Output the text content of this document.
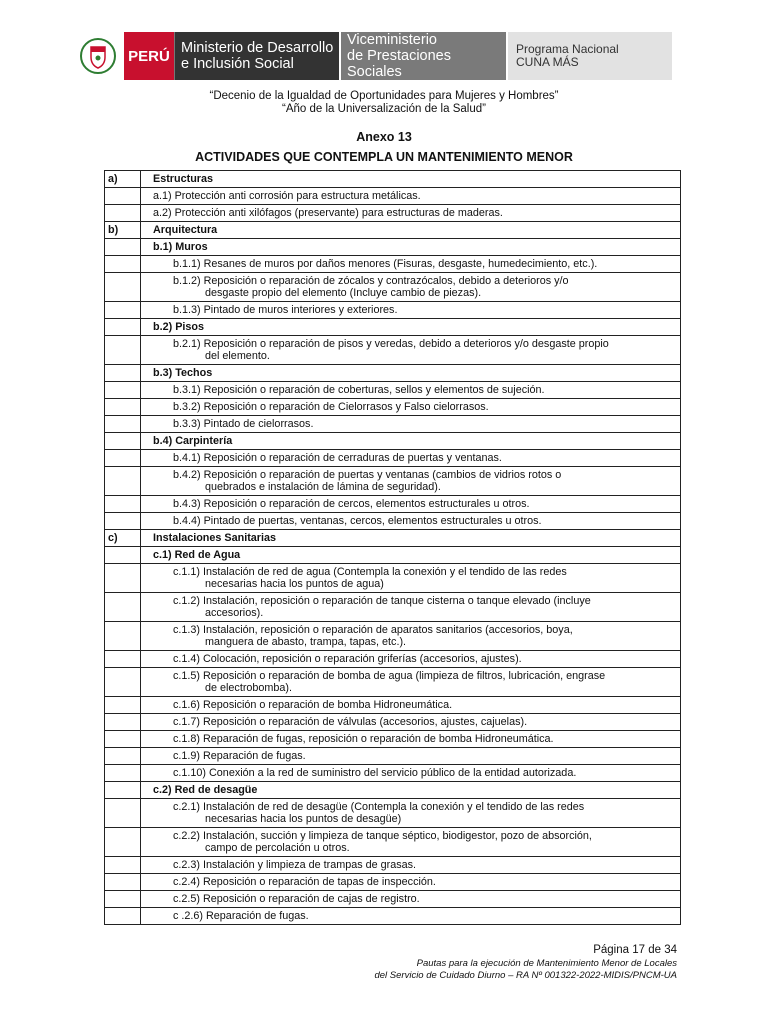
PERÚ Ministerio de Desarrollo
e Inclusión Social
Viceministerio
de Prestaciones Sociales
Programa Nacional
CUNA MÁS
“Decenio de la Igualdad de Oportunidades para Mujeres y Hombres”
“Año de la Universalización de la Salud”
Anexo 13
ACTIVIDADES QUE CONTEMPLA UN MANTENIMIENTO MENOR
a)	Estructuras
a.1) Protección anti corrosión para estructura metálicas.
a.2) Protección anti xilófagos (preservante) para estructuras de maderas.
b)	Arquitectura
b.1) Muros
b.1.1) Resanes de muros por daños menores (Fisuras, desgaste, humedecimiento, etc.).
b.1.2) Reposición o reparación de zócalos y contrazócalos, debido a deterioros y/o
desgaste propio del elemento (Incluye cambio de piezas).
b.1.3) Pintado de muros interiores y exteriores.
b.2) Pisos
b.2.1) Reposición o reparación de pisos y veredas, debido a deterioros y/o desgaste propio
del elemento.
b.3) Techos
b.3.1) Reposición o reparación de coberturas, sellos y elementos de sujeción.
b.3.2) Reposición o reparación de Cielorrasos y Falso cielorrasos.
b.3.3) Pintado de cielorrasos.
b.4) Carpintería
b.4.1) Reposición o reparación de cerraduras de puertas y ventanas.
b.4.2) Reposición o reparación de puertas y ventanas (cambios de vidrios rotos o
quebrados e instalación de lámina de seguridad).
b.4.3) Reposición o reparación de cercos, elementos estructurales u otros.
b.4.4) Pintado de puertas, ventanas, cercos, elementos estructurales u otros.
c)	Instalaciones Sanitarias
c.1) Red de Agua
c.1.1) Instalación de red de agua (Contempla la conexión y el tendido de las redes
necesarias hacia los puntos de agua)
c.1.2) Instalación, reposición o reparación de tanque cisterna o tanque elevado (incluye
accesorios).
c.1.3) Instalación, reposición o reparación de aparatos sanitarios (accesorios, boya,
manguera de abasto, trampa, tapas, etc.).
c.1.4) Colocación, reposición o reparación griferías (accesorios, ajustes).
c.1.5) Reposición o reparación de bomba de agua (limpieza de filtros, lubricación, engrase
de electrobomba).
c.1.6) Reposición o reparación de bomba Hidroneumática.
c.1.7) Reposición o reparación de válvulas (accesorios, ajustes, cajuelas).
c.1.8) Reparación de fugas, reposición o reparación de bomba Hidroneumática.
c.1.9) Reparación de fugas.
c.1.10) Conexión a la red de suministro del servicio público de la entidad autorizada.
c.2) Red de desagüe
c.2.1) Instalación de red de desagüe (Contempla la conexión y el tendido de las redes
necesarias hacia los puntos de desagüe)
c.2.2) Instalación, succión y limpieza de tanque séptico, biodigestor, pozo de absorción,
campo de percolación u otros.
c.2.3) Instalación y limpieza de trampas de grasas.
c.2.4) Reposición o reparación de tapas de inspección.
c.2.5) Reposición o reparación de cajas de registro.
c .2.6) Reparación de fugas.
Página 17 de 34
Pautas para la ejecución de Mantenimiento Menor de Locales
del Servicio de Cuidado Diurno – RA Nº 001322-2022-MIDIS/PNCM-UA
